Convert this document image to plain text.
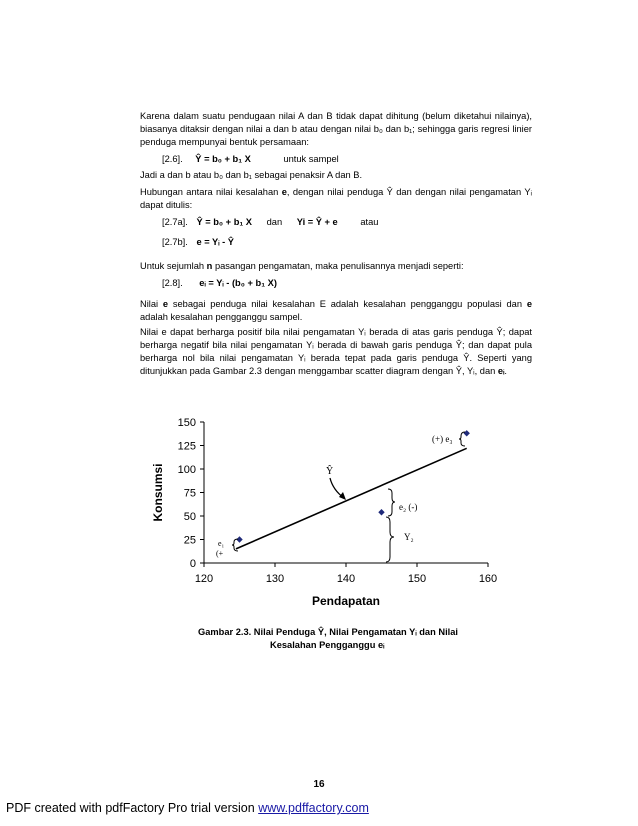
Karena dalam suatu pendugaan nilai A dan B tidak dapat dihitung (belum diketahui nilainya), biasanya ditaksir dengan nilai a dan b atau dengan nilai b₀ dan b₁; sehingga garis regresi linier penduga mempunyai bentuk persamaan:
[2.6]. Ŷ = b₀ + b₁ X	untuk sampel
Jadi a dan b atau b₀ dan b₁ sebagai penaksir A dan B.
Hubungan antara nilai kesalahan e, dengan nilai penduga Ŷ dan dengan nilai pengamatan Yᵢ dapat ditulis:
[2.7a]. Ŷ = b₀ + b₁ X dan Yi = Ŷ + e atau
[2.7b]. e = Yᵢ - Ŷ
Untuk sejumlah n pasangan pengamatan, maka penulisannya menjadi seperti:
[2.8]. eᵢ = Yᵢ - (b₀ + b₁ X)
Nilai e sebagai penduga nilai kesalahan E adalah kesalahan pengganggu populasi dan e adalah kesalahan pengganggu sampel.
Nilai e dapat berharga positif bila nilai pengamatan Yᵢ berada di atas garis penduga Ŷ; dapat berharga negatif bila nilai pengamatan Yᵢ berada di bawah garis penduga Ŷ; dan dapat pula berharga nol bila nilai pengamatan Yᵢ berada tepat pada garis penduga Ŷ. Seperti yang ditunjukkan pada Gambar 2.3 dengan menggambar scatter diagram dengan Ŷ, Yᵢ, dan eᵢ.
0
25
50
75
100
125
150
120	130	140	150	160
Pendapatan
Konsumsi	Ŷ
(+) e₃
e₂ (-)
Y₂
e₁
(+
Gambar 2.3. Nilai Penduga Ŷ, Nilai Pengamatan Yᵢ dan Nilai
Kesalahan Pengganggu eᵢ
16
PDF created with pdfFactory Pro trial version www.pdffactory.com
